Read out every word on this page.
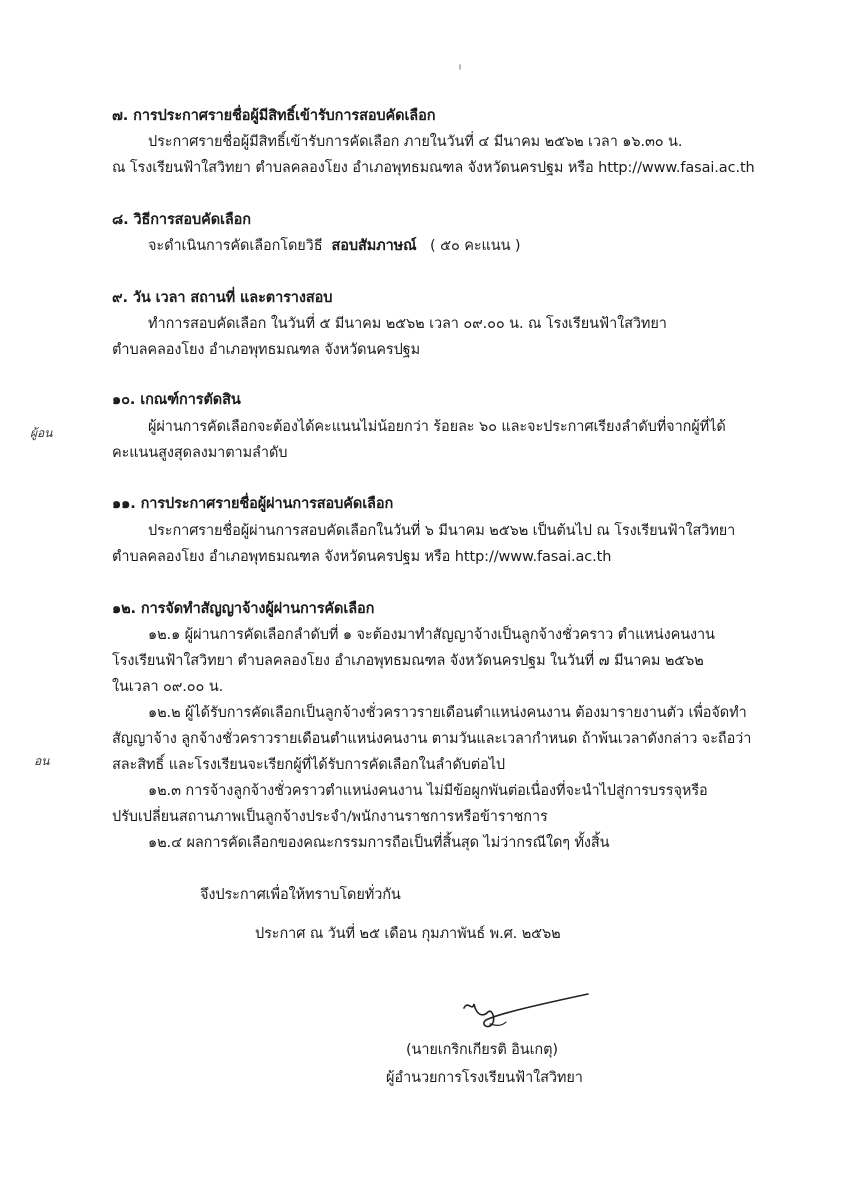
๗. การประกาศรายชื่อผู้มีสิทธิ์เข้ารับการสอบคัดเลือก
ประกาศรายชื่อผู้มีสิทธิ์เข้ารับการคัดเลือก ภายในวันที่ ๔ มีนาคม ๒๕๖๒ เวลา ๑๖.๓๐ น.
ณ โรงเรียนฟ้าใสวิทยา ตำบลคลองโยง อำเภอพุทธมณฑล จังหวัดนครปฐม หรือ http://www.fasai.ac.th
๘. วิธีการสอบคัดเลือก
จะดำเนินการคัดเลือกโดยวิธี สอบสัมภาษณ์ ( ๕๐ คะแนน )
๙. วัน เวลา สถานที่ และตารางสอบ
ทำการสอบคัดเลือก ในวันที่ ๕ มีนาคม ๒๕๖๒ เวลา ๐๙.๐๐ น. ณ โรงเรียนฟ้าใสวิทยา
ตำบลคลองโยง อำเภอพุทธมณฑล จังหวัดนครปฐม
๑๐. เกณฑ์การตัดสิน
ผู้ผ่านการคัดเลือกจะต้องได้คะแนนไม่น้อยกว่า ร้อยละ ๖๐ และจะประกาศเรียงลำดับที่จากผู้ที่ได้
คะแนนสูงสุดลงมาตามลำดับ
ผู้อน
๑๑. การประกาศรายชื่อผู้ผ่านการสอบคัดเลือก
ประกาศรายชื่อผู้ผ่านการสอบคัดเลือกในวันที่ ๖ มีนาคม ๒๕๖๒ เป็นต้นไป ณ โรงเรียนฟ้าใสวิทยา
ตำบลคลองโยง อำเภอพุทธมณฑล จังหวัดนครปฐม หรือ http://www.fasai.ac.th
๑๒. การจัดทำสัญญาจ้างผู้ผ่านการคัดเลือก
๑๒.๑ ผู้ผ่านการคัดเลือกลำดับที่ ๑ จะต้องมาทำสัญญาจ้างเป็นลูกจ้างชั่วคราว ตำแหน่งคนงาน
โรงเรียนฟ้าใสวิทยา ตำบลคลองโยง อำเภอพุทธมณฑล จังหวัดนครปฐม ในวันที่ ๗ มีนาคม ๒๕๖๒
ในเวลา ๐๙.๐๐ น.
๑๒.๒ ผู้ได้รับการคัดเลือกเป็นลูกจ้างชั่วคราวรายเดือนตำแหน่งคนงาน ต้องมารายงานตัว เพื่อจัดทำ
สัญญาจ้าง ลูกจ้างชั่วคราวรายเดือนตำแหน่งคนงาน ตามวันและเวลากำหนด ถ้าพ้นเวลาดังกล่าว จะถือว่า
สละสิทธิ์ และโรงเรียนจะเรียกผู้ที่ได้รับการคัดเลือกในลำดับต่อไป
อน
๑๒.๓ การจ้างลูกจ้างชั่วคราวตำแหน่งคนงาน ไม่มีข้อผูกพันต่อเนื่องที่จะนำไปสู่การบรรจุหรือ
ปรับเปลี่ยนสถานภาพเป็นลูกจ้างประจำ/พนักงานราชการหรือข้าราชการ
๑๒.๔ ผลการคัดเลือกของคณะกรรมการถือเป็นที่สิ้นสุด ไม่ว่ากรณีใดๆ ทั้งสิ้น
จึงประกาศเพื่อให้ทราบโดยทั่วกัน
ประกาศ ณ วันที่ ๒๕ เดือน กุมภาพันธ์ พ.ศ. ๒๕๖๒
(นายเกริกเกียรติ อินเกตุ)
ผู้อำนวยการโรงเรียนฟ้าใสวิทยา
